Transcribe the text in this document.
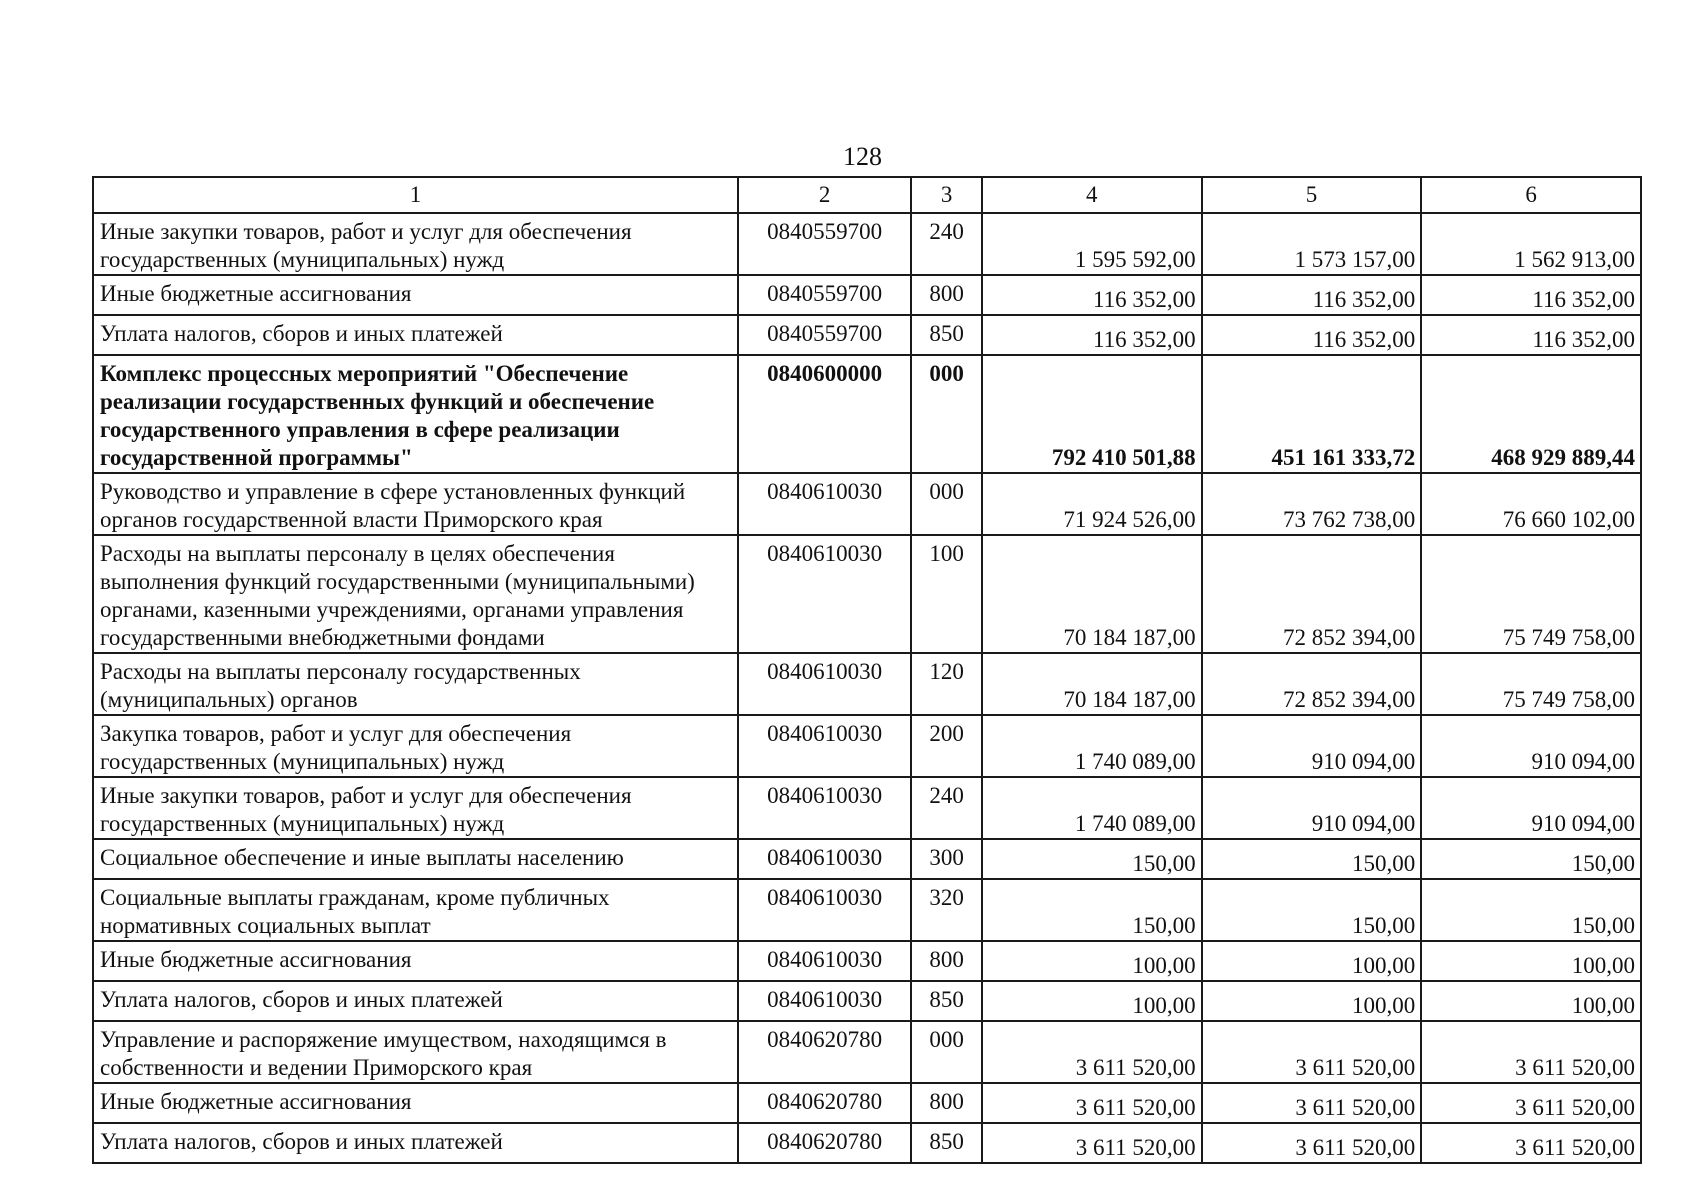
128
1	2	3	4	5	6
Иные закупки товаров, работ и услуг для обеспечения государственных (муниципальных) нужд	0840559700	240	1 595 592,00	1 573 157,00	1 562 913,00
Иные бюджетные ассигнования	0840559700	800	116 352,00	116 352,00	116 352,00
Уплата налогов, сборов и иных платежей	0840559700	850	116 352,00	116 352,00	116 352,00
Комплекс процессных мероприятий "Обеспечение реализации государственных функций и обеспечение государственного управления в сфере реализации государственной программы"	0840600000	000	792 410 501,88	451 161 333,72	468 929 889,44
Руководство и управление в сфере установленных функций органов государственной власти Приморского края	0840610030	000	71 924 526,00	73 762 738,00	76 660 102,00
Расходы на выплаты персоналу в целях обеспечения выполнения функций государственными (муниципальными) органами, казенными учреждениями, органами управления государственными внебюджетными фондами	0840610030	100	70 184 187,00	72 852 394,00	75 749 758,00
Расходы на выплаты персоналу государственных (муниципальных) органов	0840610030	120	70 184 187,00	72 852 394,00	75 749 758,00
Закупка товаров, работ и услуг для обеспечения государственных (муниципальных) нужд	0840610030	200	1 740 089,00	910 094,00	910 094,00
Иные закупки товаров, работ и услуг для обеспечения государственных (муниципальных) нужд	0840610030	240	1 740 089,00	910 094,00	910 094,00
Социальное обеспечение и иные выплаты населению	0840610030	300	150,00	150,00	150,00
Социальные выплаты гражданам, кроме публичных нормативных социальных выплат	0840610030	320	150,00	150,00	150,00
Иные бюджетные ассигнования	0840610030	800	100,00	100,00	100,00
Уплата налогов, сборов и иных платежей	0840610030	850	100,00	100,00	100,00
Управление и распоряжение имуществом, находящимся в собственности и ведении Приморского края	0840620780	000	3 611 520,00	3 611 520,00	3 611 520,00
Иные бюджетные ассигнования	0840620780	800	3 611 520,00	3 611 520,00	3 611 520,00
Уплата налогов, сборов и иных платежей	0840620780	850	3 611 520,00	3 611 520,00	3 611 520,00
